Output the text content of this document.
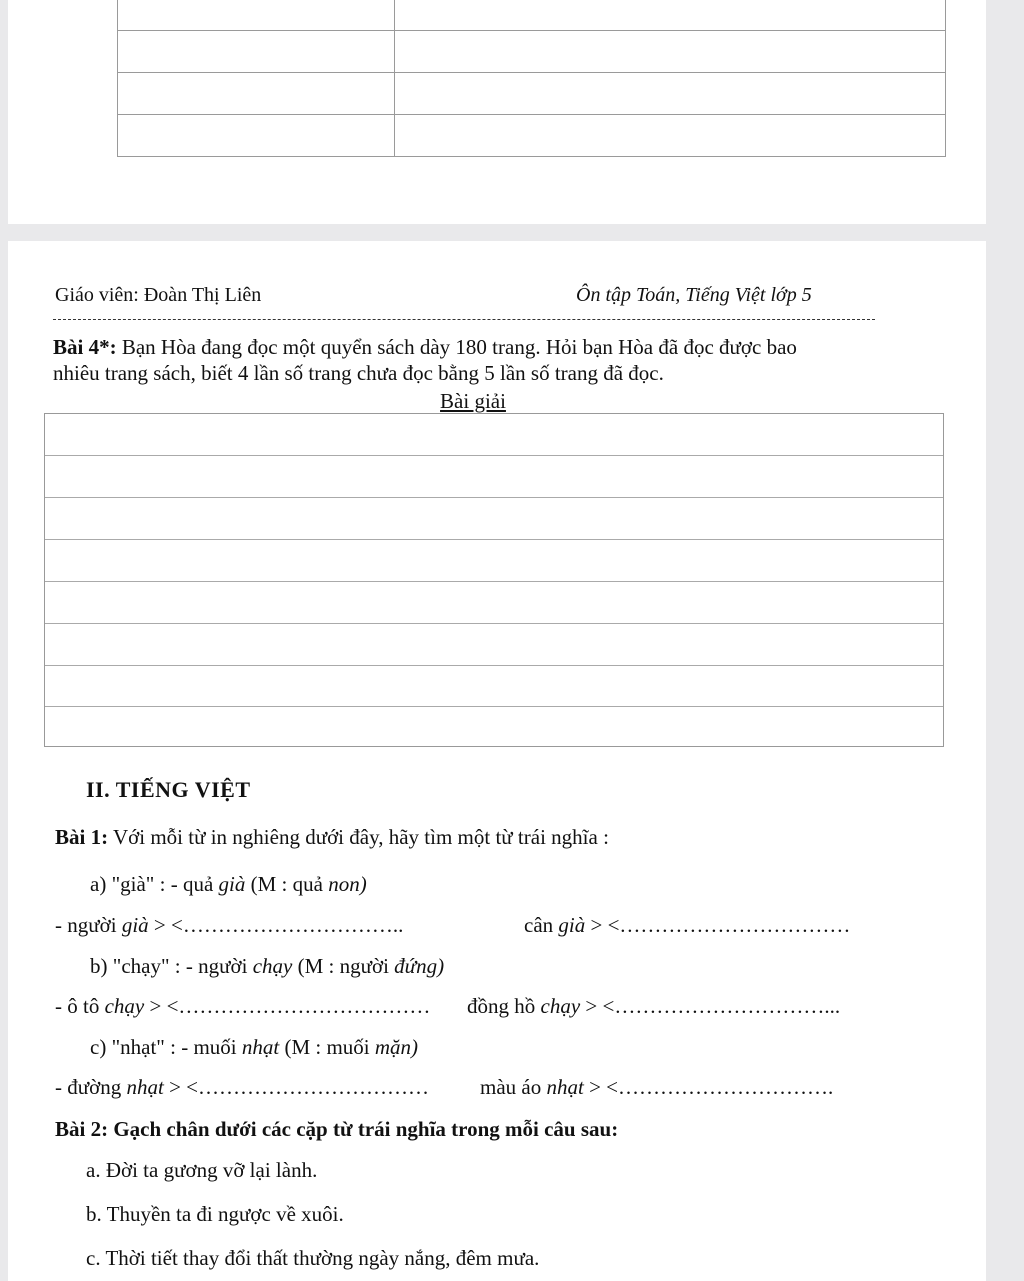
Giáo viên: Đoàn Thị Liên	Ôn tập Toán, Tiếng Việt lớp 5
Bài 4*: Bạn Hòa đang đọc một quyển sách dày 180 trang. Hỏi bạn Hòa đã đọc được bao
nhiêu trang sách, biết 4 lần số trang chưa đọc bằng 5 lần số trang đã đọc.
Bài giải
II. TIẾNG VIỆT
Bài 1: Với mỗi từ in nghiêng dưới đây, hãy tìm một từ trái nghĩa :
a) "già" : - quả già (M : quả non)
- người già > <…………………………..	cân già > <……………………………
b) "chạy" : - người chạy (M : người đứng)
- ô tô chạy > <……………………………… đồng hồ chạy > <…………………………...
c) "nhạt" : - muối nhạt (M : muối mặn)
- đường nhạt > <…………………………… màu áo nhạt > <………………………….
Bài 2: Gạch chân dưới các cặp từ trái nghĩa trong mỗi câu sau:
a. Đời ta gương vỡ lại lành.
b. Thuyền ta đi ngược về xuôi.
c. Thời tiết thay đổi thất thường ngày nắng, đêm mưa.
